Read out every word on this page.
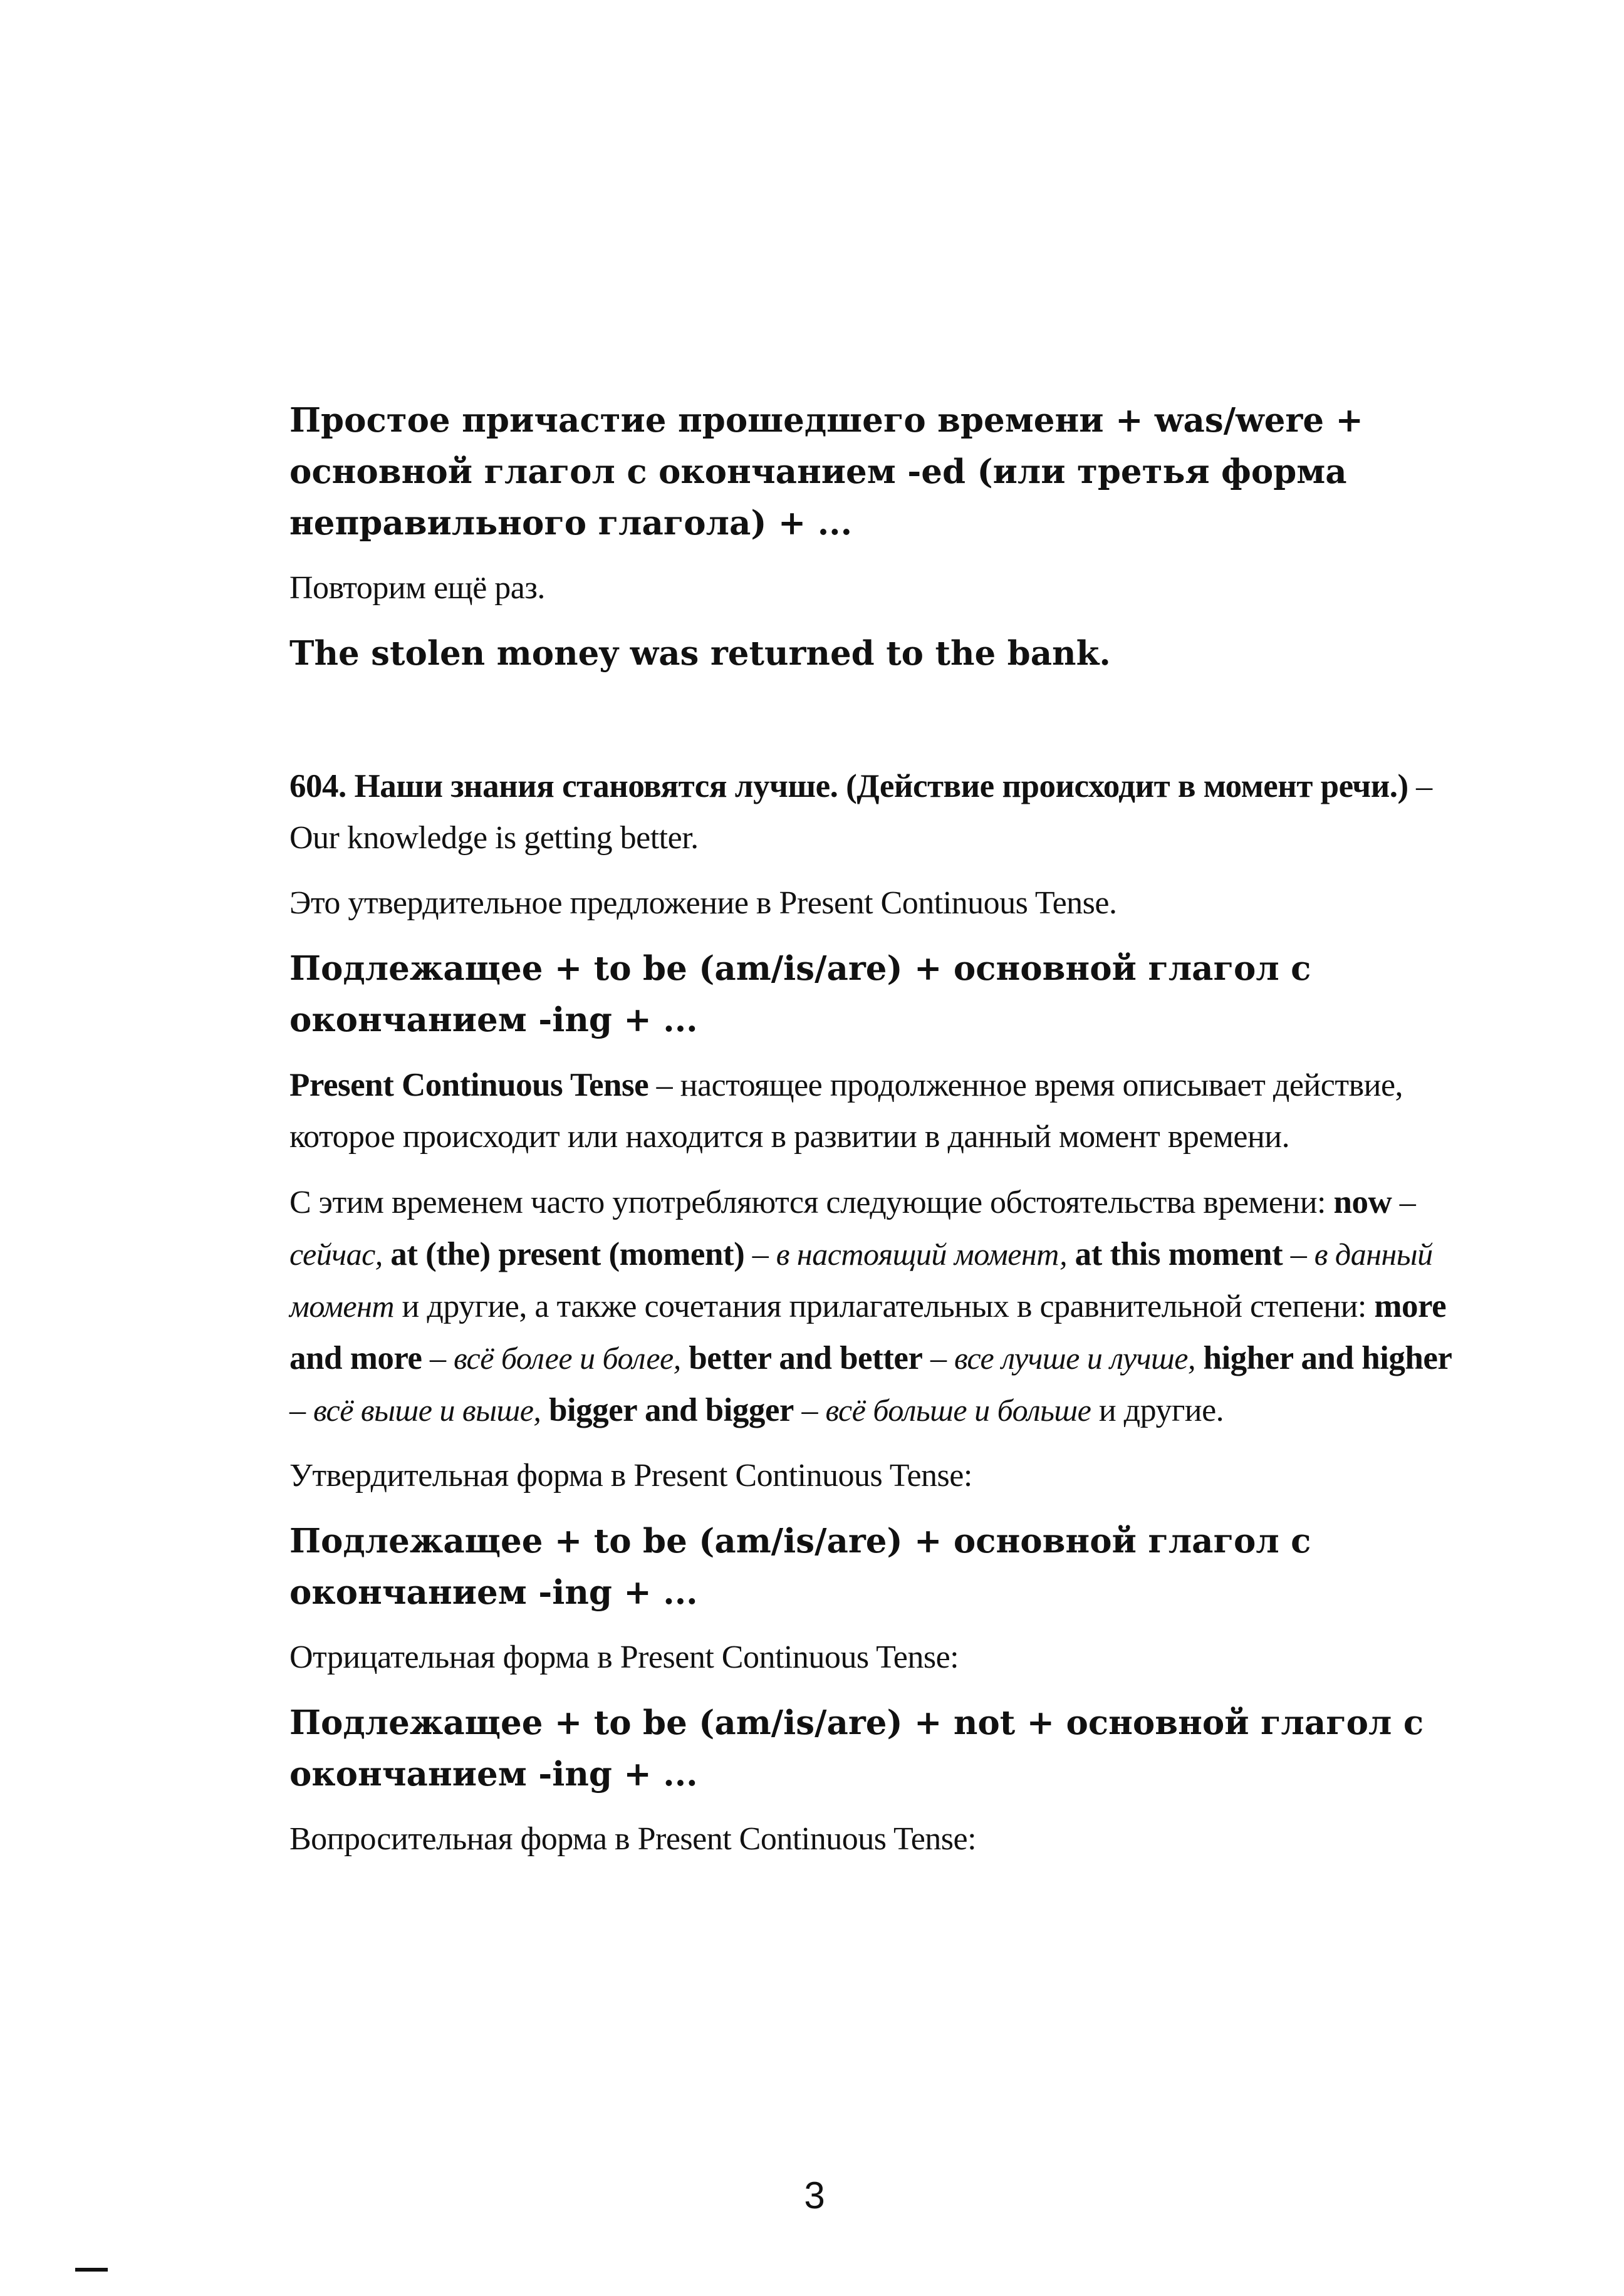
Простое причастие прошедшего времени + was/were + основной глагол с окончанием -ed (или третья форма неправильного глагола) + ...

Повторим ещё раз.

The stolen money was returned to the bank.

604. Наши знания становятся лучше. (Действие происходит в момент речи.) – Our knowledge is getting better.

Это утвердительное предложение в Present Continuous Tense.

Подлежащее + to be (am/is/are) + основной глагол с окончанием -ing + ...

Present Continuous Tense – настоящее продолженное время описывает действие, которое происходит или находится в развитии в данный момент времени.

С этим временем часто употребляются следующие обстоятельства времени: now – сейчас, at (the) present (moment) – в настоящий момент, at this moment – в данный момент и другие, а также сочетания прилагательных в сравнительной степени: more and more – всё более и более, better and better – все лучше и лучше, higher and higher – всё выше и выше, bigger and bigger – всё больше и больше и другие.

Утвердительная форма в Present Continuous Tense:

Подлежащее + to be (am/is/are) + основной глагол с окончанием -ing + ...

Отрицательная форма в Present Continuous Tense:

Подлежащее + to be (am/is/are) + not + основной глагол с окончанием -ing + ...

Вопросительная форма в Present Continuous Tense:

3
